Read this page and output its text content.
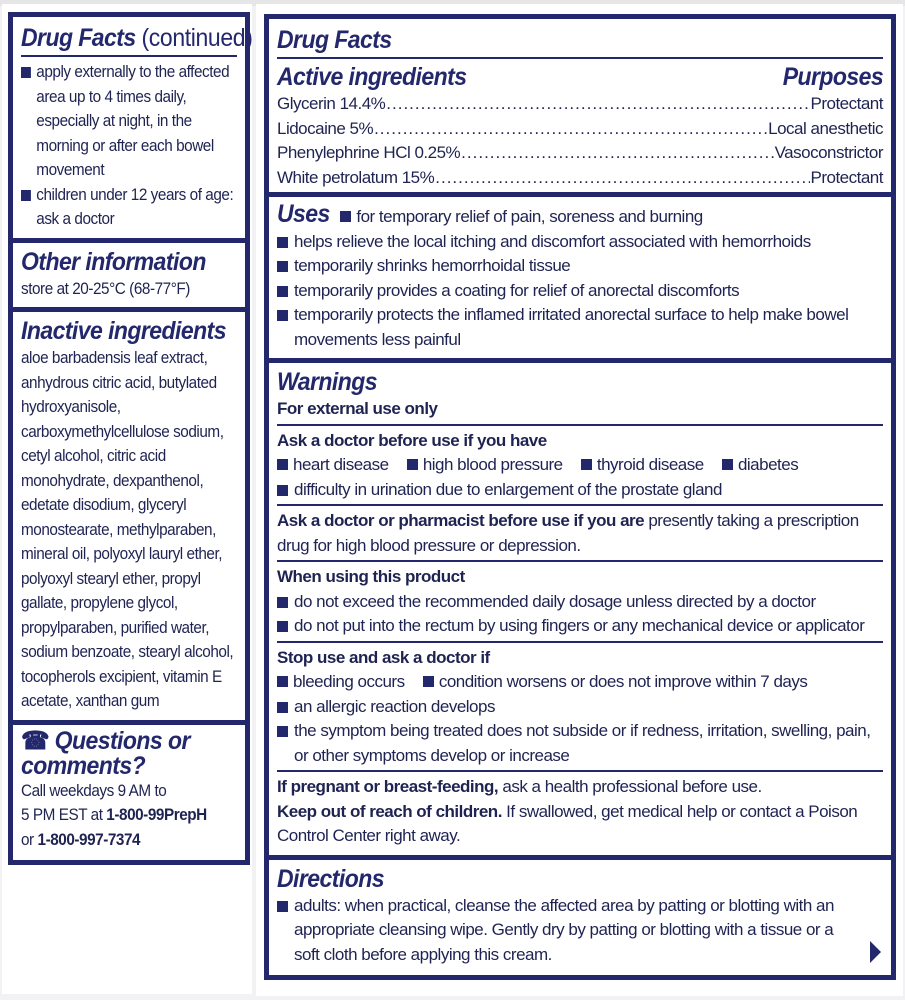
Drug Facts (continued)
apply externally to the affected area up to 4 times daily, especially at night, in the morning or after each bowel movement
children under 12 years of age: ask a doctor
Other information
store at 20-25°C (68-77°F)
Inactive ingredients
aloe barbadensis leaf extract, anhydrous citric acid, butylated hydroxyanisole, carboxymethylcellulose sodium, cetyl alcohol, citric acid monohydrate, dexpanthenol, edetate disodium, glyceryl monostearate, methylparaben, mineral oil, polyoxyl lauryl ether, polyoxyl stearyl ether, propyl gallate, propylene glycol, propylparaben, purified water, sodium benzoate, stearyl alcohol, tocopherols excipient, vitamin E acetate, xanthan gum
☎ Questions or comments?
Call weekdays 9 AM to
5 PM EST at 1-800-99PrepH
or 1-800-997-7374
Drug Facts
Active ingredients	Purposes
Glycerin 14.4% .....	Protectant
Lidocaine 5% .....	Local anesthetic
Phenylephrine HCl 0.25% .....	Vasoconstrictor
White petrolatum 15% .....	Protectant
Uses for temporary relief of pain, soreness and burning
helps relieve the local itching and discomfort associated with hemorrhoids
temporarily shrinks hemorrhoidal tissue
temporarily provides a coating for relief of anorectal discomforts
temporarily protects the inflamed irritated anorectal surface to help make bowel movements less painful
Warnings
For external use only
Ask a doctor before use if you have
heart disease high blood pressure thyroid disease diabetes
difficulty in urination due to enlargement of the prostate gland
Ask a doctor or pharmacist before use if you are presently taking a prescription drug for high blood pressure or depression.
When using this product
do not exceed the recommended daily dosage unless directed by a doctor
do not put into the rectum by using fingers or any mechanical device or applicator
Stop use and ask a doctor if
bleeding occurs condition worsens or does not improve within 7 days
an allergic reaction develops
the symptom being treated does not subside or if redness, irritation, swelling, pain, or other symptoms develop or increase
If pregnant or breast-feeding, ask a health professional before use.
Keep out of reach of children. If swallowed, get medical help or contact a Poison Control Center right away.
Directions
adults: when practical, cleanse the affected area by patting or blotting with an appropriate cleansing wipe. Gently dry by patting or blotting with a tissue or a soft cloth before applying this cream.
